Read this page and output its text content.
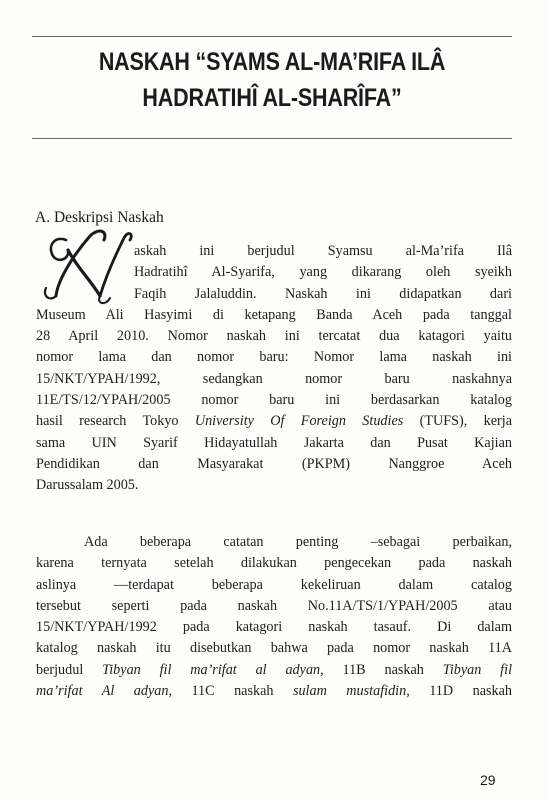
NASKAH “SYAMS AL-MA’RIFA ILÂ
HADRATIHÎ AL-SHARÎFA”
A. Deskripsi Naskah
askah ini berjudul Syamsu al-Ma’rifa Ilâ
Hadratihî Al-Syarifa, yang dikarang oleh syeikh
Faqih Jalaluddin. Naskah ini didapatkan dari
Museum Ali Hasyimi di ketapang Banda Aceh pada tanggal
28 April 2010. Nomor naskah ini tercatat dua katagori yaitu
nomor lama dan nomor baru: Nomor lama naskah ini
15/NKT/YPAH/1992, sedangkan nomor baru naskahnya
11E/TS/12/YPAH/2005 nomor baru ini berdasarkan katalog
hasil research Tokyo University Of Foreign Studies (TUFS), kerja
sama UIN Syarif Hidayatullah Jakarta dan Pusat Kajian
Pendidikan dan Masyarakat (PKPM) Nanggroe Aceh
Darussalam 2005.
Ada beberapa catatan penting –sebagai perbaikan,
karena ternyata setelah dilakukan pengecekan pada naskah
aslinya —terdapat beberapa kekeliruan dalam catalog
tersebut seperti pada naskah No.11A/TS/1/YPAH/2005 atau
15/NKT/YPAH/1992 pada katagori naskah tasauf. Di dalam
katalog naskah itu disebutkan bahwa pada nomor naskah 11A
berjudul Tibyan fil ma’rifat al adyan, 11B naskah Tibyan fil
ma’rifat Al adyan, 11C naskah sulam mustafidin, 11D naskah
29
